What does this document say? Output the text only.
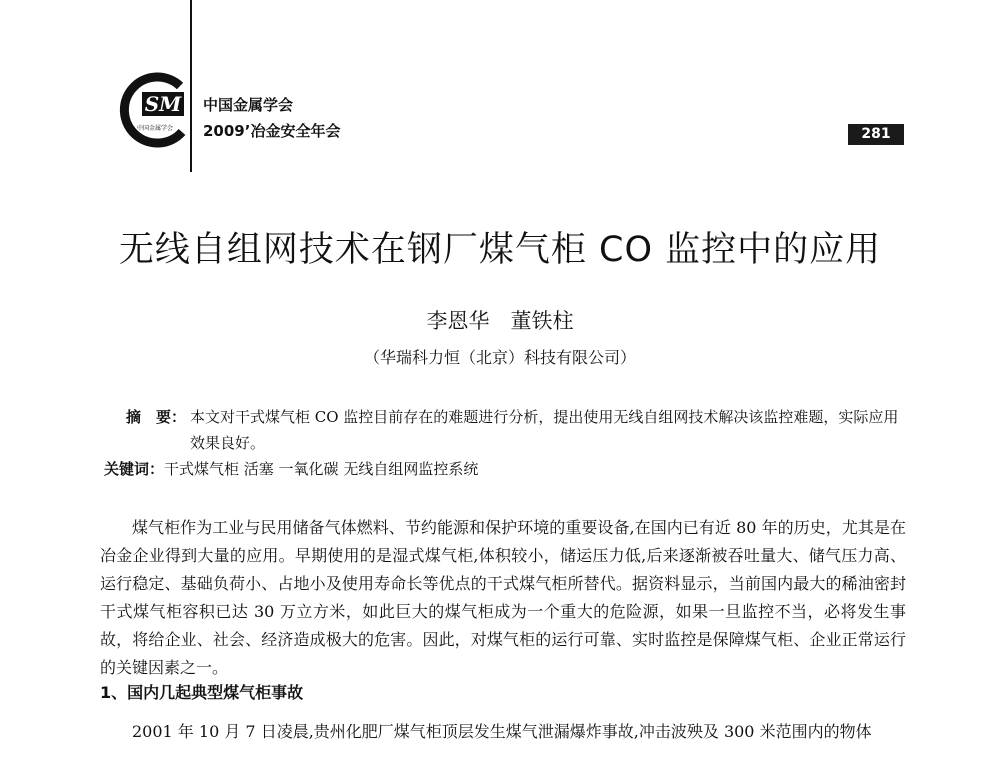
SM
中国金属学会
中国金属学会
2009’冶金安全年会	281
无线自组网技术在钢厂煤气柜 CO 监控中的应用
李恩华　董铁柱
（华瑞科力恒（北京）科技有限公司）
摘　要： 本文对干式煤气柜 CO 监控目前存在的难题进行分析，提出使用无线自组网技术解决该监控难题，实际应用效果良好。
关键词：干式煤气柜 活塞 一氧化碳 无线自组网监控系统
煤气柜作为工业与民用储备气体燃料、节约能源和保护环境的重要设备,在国内已有近 80 年的历史，尤其是在冶金企业得到大量的应用。早期使用的是湿式煤气柜,体积较小，储运压力低,后来逐渐被吞吐量大、储气压力高、运行稳定、基础负荷小、占地小及使用寿命长等优点的干式煤气柜所替代。据资料显示，当前国内最大的稀油密封干式煤气柜容积已达 30 万立方米，如此巨大的煤气柜成为一个重大的危险源，如果一旦监控不当，必将发生事故，将给企业、社会、经济造成极大的危害。因此，对煤气柜的运行可靠、实时监控是保障煤气柜、企业正常运行的关键因素之一。
1、国内几起典型煤气柜事故
2001 年 10 月 7 日凌晨,贵州化肥厂煤气柜顶层发生煤气泄漏爆炸事故,冲击波殃及 300 米范围内的物体
